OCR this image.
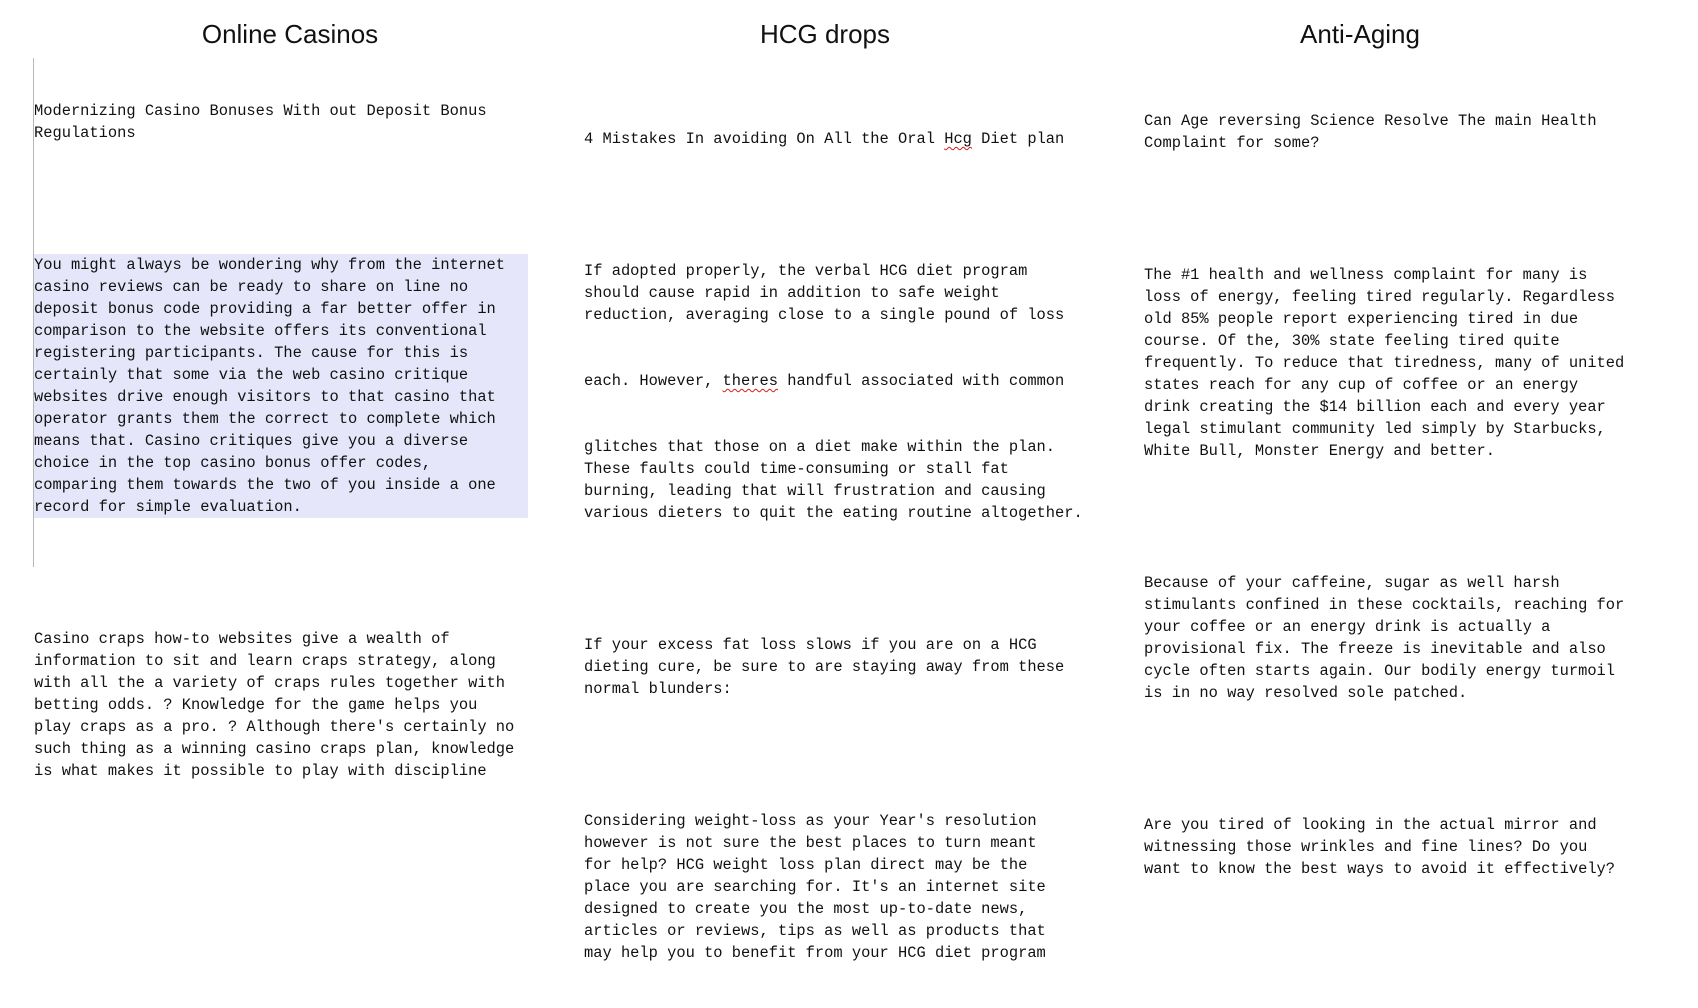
Online Casinos

Modernizing Casino Bonuses With out Deposit Bonus
Regulations

You might always be wondering why from the internet
casino reviews can be ready to share on line no
deposit bonus code providing a far better offer in
comparison to the website offers its conventional
registering participants. The cause for this is
certainly that some via the web casino critique
websites drive enough visitors to that casino that
operator grants them the correct to complete which
means that. Casino critiques give you a diverse
choice in the top casino bonus offer codes,
comparing them towards the two of you inside a one
record for simple evaluation.

Casino craps how-to websites give a wealth of
information to sit and learn craps strategy, along
with all the a variety of craps rules together with
betting odds. ? Knowledge for the game helps you
play craps as a pro. ? Although there's certainly no
such thing as a winning casino craps plan, knowledge
is what makes it possible to play with discipline

HCG drops

4 Mistakes In avoiding On All the Oral Hcg Diet plan

If adopted properly, the verbal HCG diet program
should cause rapid in addition to safe weight
reduction, averaging close to a single pound of loss

each. However, theres handful associated with common

glitches that those on a diet make within the plan.
These faults could time-consuming or stall fat
burning, leading that will frustration and causing
various dieters to quit the eating routine altogether.

If your excess fat loss slows if you are on a HCG
dieting cure, be sure to are staying away from these
normal blunders:

Considering weight-loss as your Year's resolution
however is not sure the best places to turn meant
for help? HCG weight loss plan direct may be the
place you are searching for. It's an internet site
designed to create you the most up-to-date news,
articles or reviews, tips as well as products that
may help you to benefit from your HCG diet program

Anti-Aging

Can Age reversing Science Resolve The main Health
Complaint for some?

The #1 health and wellness complaint for many is
loss of energy, feeling tired regularly. Regardless
old 85% people report experiencing tired in due
course. Of the, 30% state feeling tired quite
frequently. To reduce that tiredness, many of united
states reach for any cup of coffee or an energy
drink creating the $14 billion each and every year
legal stimulant community led simply by Starbucks,
White Bull, Monster Energy and better.

Because of your caffeine, sugar as well harsh
stimulants confined in these cocktails, reaching for
your coffee or an energy drink is actually a
provisional fix. The freeze is inevitable and also
cycle often starts again. Our bodily energy turmoil
is in no way resolved sole patched.

Are you tired of looking in the actual mirror and
witnessing those wrinkles and fine lines? Do you
want to know the best ways to avoid it effectively?
